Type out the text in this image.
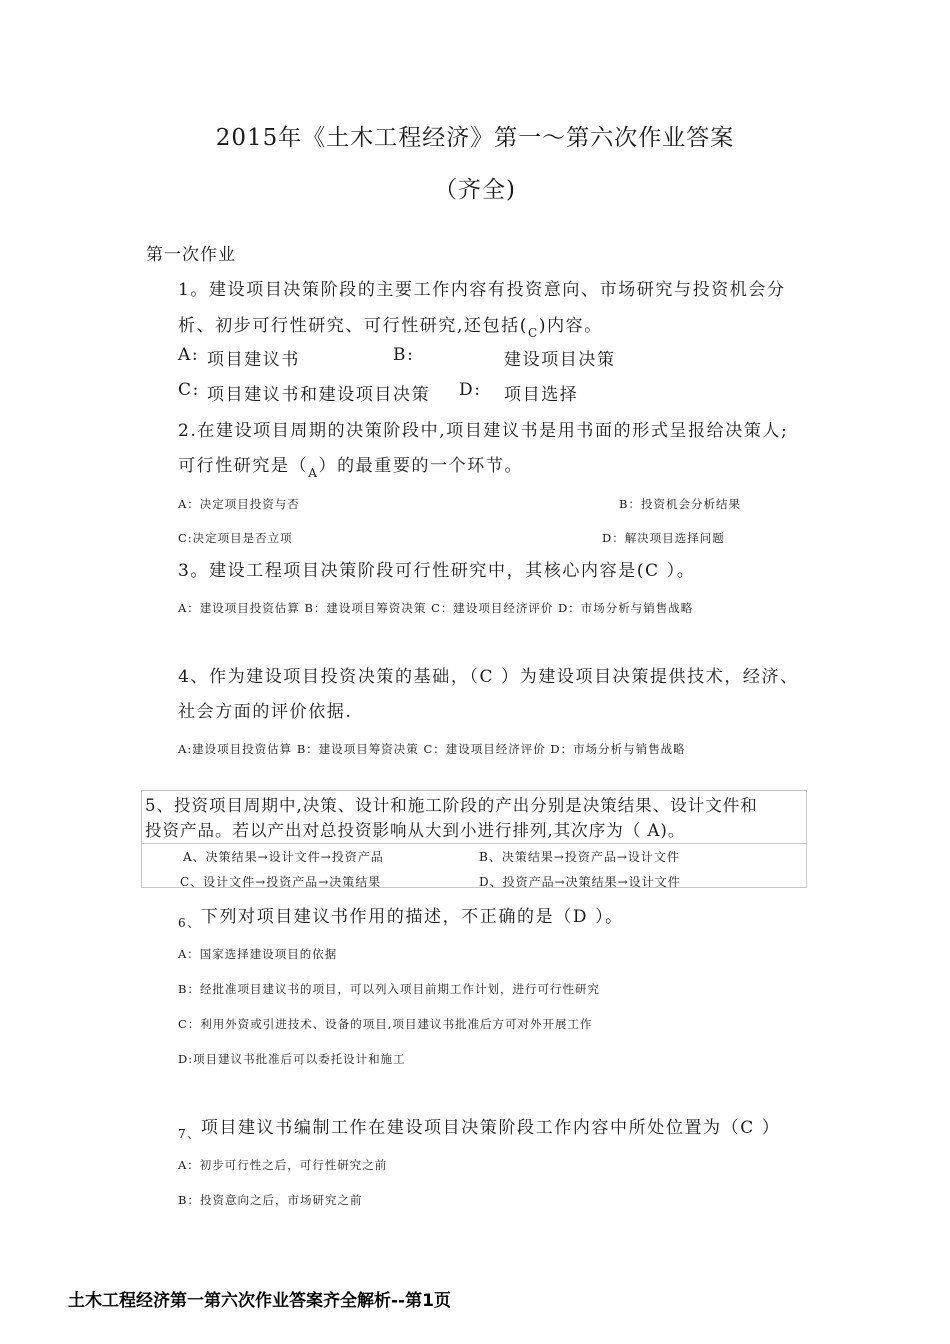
2015年《土木工程经济》第一～第六次作业答案
（齐全)
第一次作业
1。建设项目决策阶段的主要工作内容有投资意向、市场研究与投资机会分
析、初步可行性研究、可行性研究,还包括$(_C)$内容。
A: 项目建议书	B:	建设项目决策
C: 项目建议书和建设项目决策 D: 项目选择
2.在建设项目周期的决策阶段中,项目建议书是用书面的形式呈报给决策人;
可行性研究是$(_A)$的最重要的一个环节。
A：决定项目投资与否	B：投资机会分析结果
C:决定项目是否立项	D：解决项目选择问题
3。建设工程项目决策阶段可行性研究中，其核心内容是(C ）。
A：建设项目投资估算 B：建设项目筹资决策 C：建设项目经济评价 D：市场分析与销售战略
4、作为建设项目投资决策的基础，（C ）为建设项目决策提供技术，经济、
社会方面的评价依据.
A:建设项目投资估算 B：建设项目筹资决策 C：建设项目经济评价 D：市场分析与销售战略
5、投资项目周期中,决策、设计和施工阶段的产出分别是决策结果、设计文件和
投资产品。若以产出对总投资影响从大到小进行排列,其次序为（ A)。
A、决策结果→设计文件→投资产品	B、决策结果→投资产品→设计文件
C、设计文件→投资产品→决策结果	D、投资产品→决策结果→设计文件
$_{6、}$下列对项目建议书作用的描述，不正确的是（D ）。
A：国家选择建设项目的依据
B：经批准项目建议书的项目，可以列入项目前期工作计划，进行可行性研究
C：利用外资或引进技术、设备的项目,项目建议书批准后方可对外开展工作
D:项目建议书批准后可以委托设计和施工
$_{7、}$项目建议书编制工作在建设项目决策阶段工作内容中所处位置为（C ）
A：初步可行性之后，可行性研究之前
B：投资意向之后，市场研究之前
土木工程经济第一第六次作业答案齐全解析--第1页
